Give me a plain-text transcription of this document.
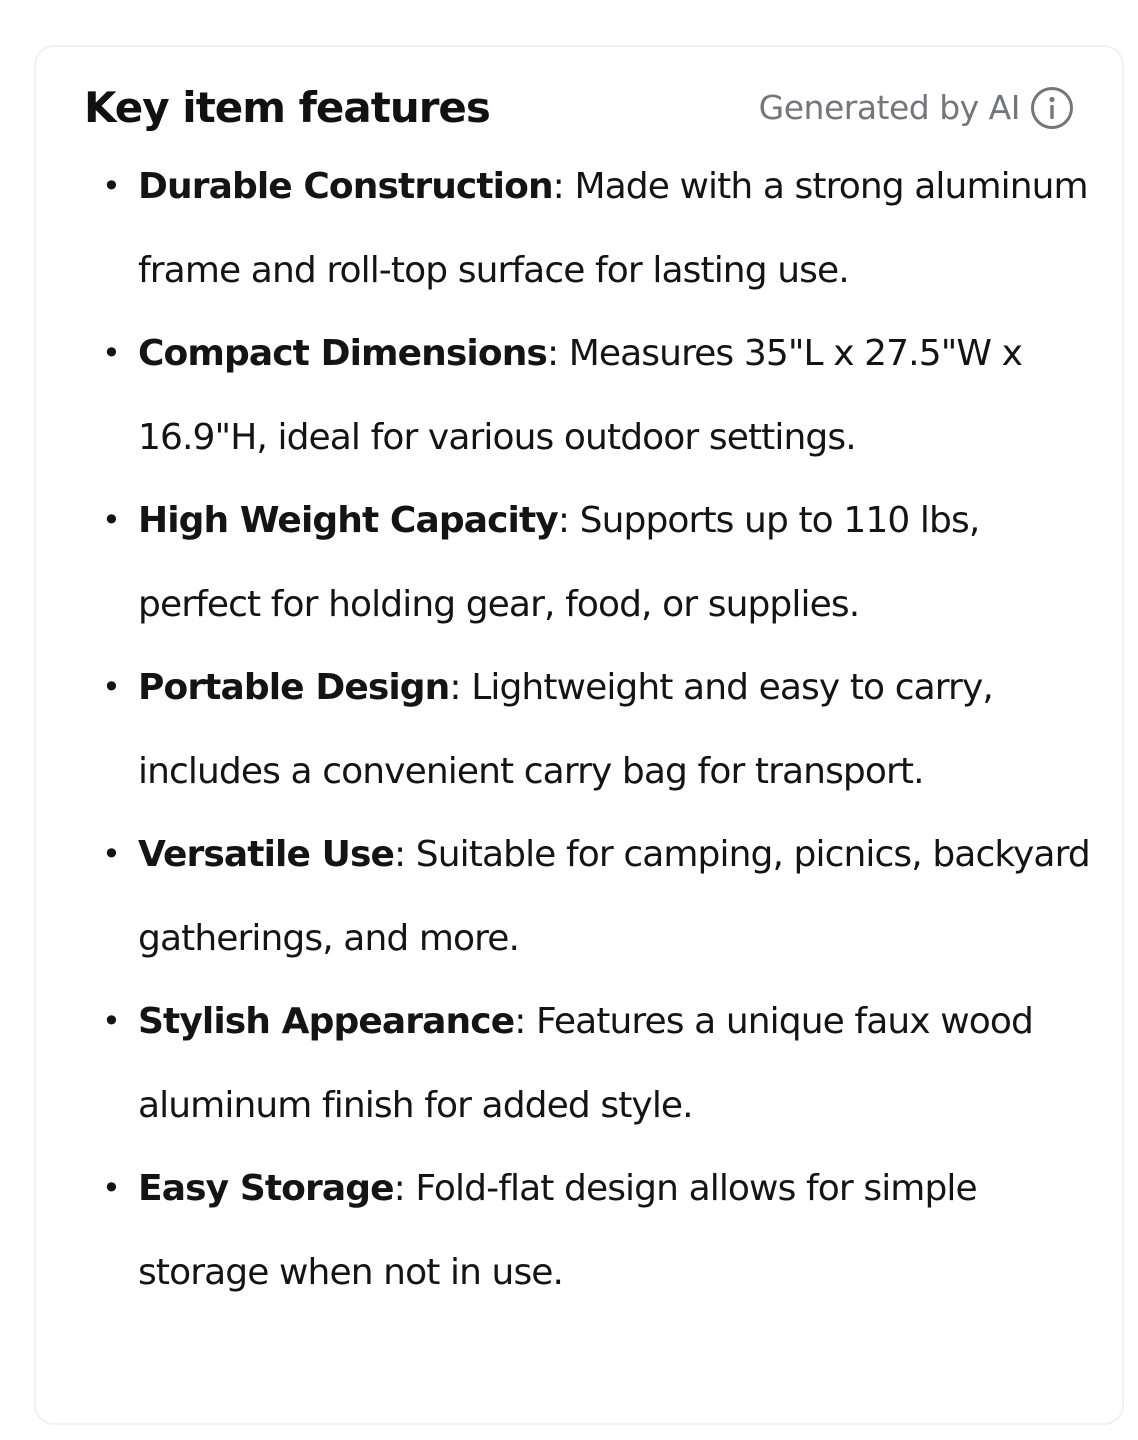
Key item features	Generated by AI
• Durable Construction: Made with a strong aluminum frame and roll-top surface for lasting use.
• Compact Dimensions: Measures 35"L x 27.5"W x 16.9"H, ideal for various outdoor settings.
• High Weight Capacity: Supports up to 110 lbs, perfect for holding gear, food, or supplies.
• Portable Design: Lightweight and easy to carry, includes a convenient carry bag for transport.
• Versatile Use: Suitable for camping, picnics, backyard gatherings, and more.
• Stylish Appearance: Features a unique faux wood aluminum finish for added style.
• Easy Storage: Fold-flat design allows for simple storage when not in use.
